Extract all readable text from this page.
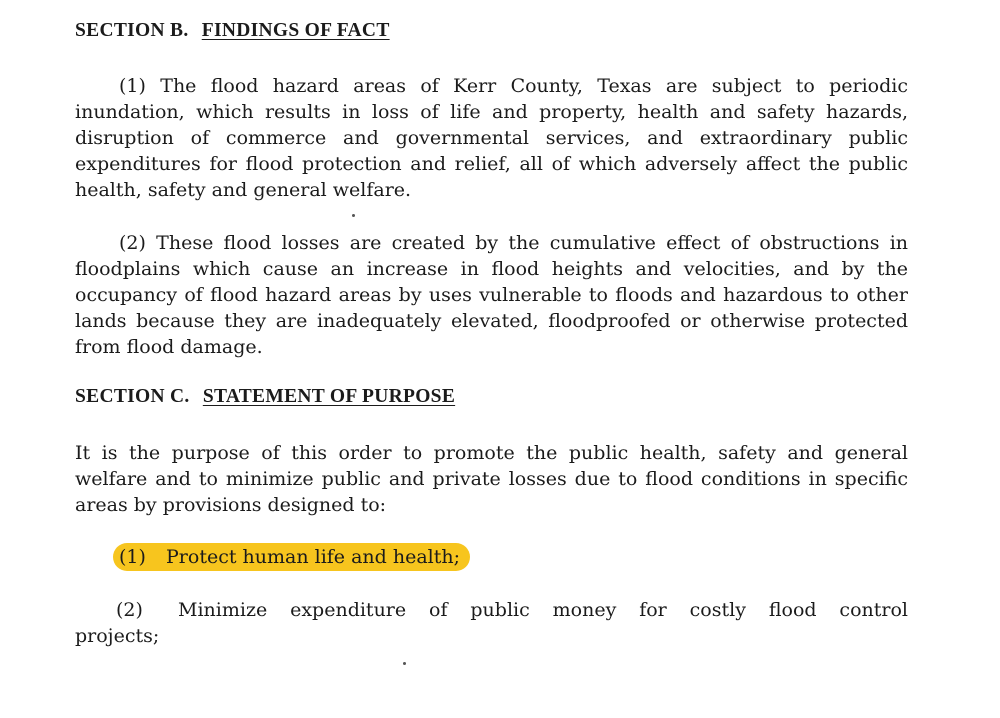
SECTION B. FINDINGS OF FACT
(1) The flood hazard areas of Kerr County, Texas are subject to periodic inundation, which results in loss of life and property, health and safety hazards, disruption of commerce and governmental services, and extraordinary public expenditures for flood protection and relief, all of which adversely affect the public health, safety and general welfare.
(2) These flood losses are created by the cumulative effect of obstructions in floodplains which cause an increase in flood heights and velocities, and by the occupancy of flood hazard areas by uses vulnerable to floods and hazardous to other lands because they are inadequately elevated, floodproofed or otherwise protected from flood damage.
SECTION C. STATEMENT OF PURPOSE
It is the purpose of this order to promote the public health, safety and general welfare and to minimize public and private losses due to flood conditions in specific areas by provisions designed to:
(1) Protect human life and health;
(2) Minimize expenditure of public money for costly flood control
projects;
